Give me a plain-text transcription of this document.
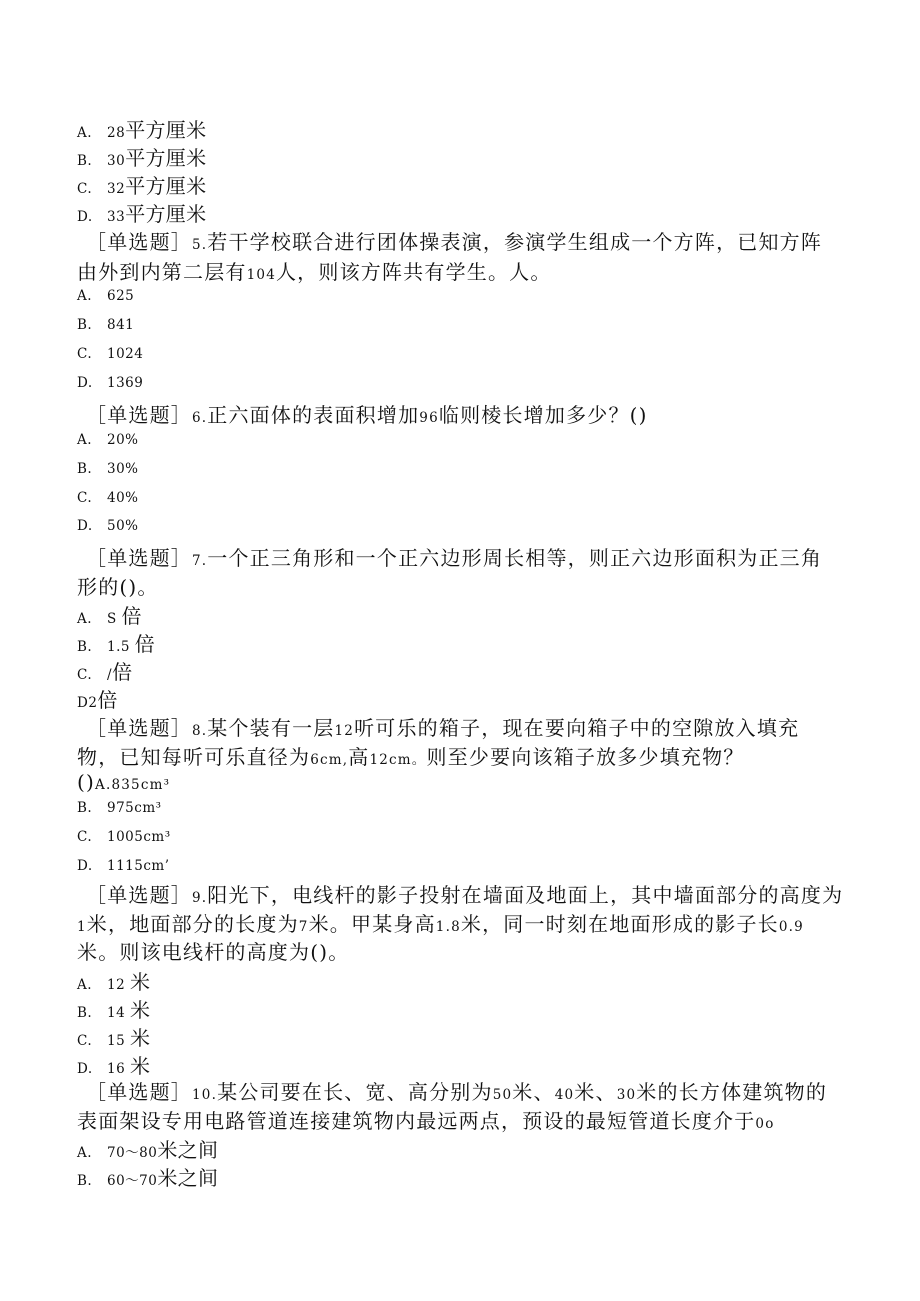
A. 28平方厘米
B. 30平方厘米
C. 32平方厘米
D. 33平方厘米
［单选题］5.若干学校联合进行团体操表演，参演学生组成一个方阵，已知方阵
由外到内第二层有104人，则该方阵共有学生。人。
A. 625
B. 841
C. 1024
D. 1369
［单选题］6.正六面体的表面积增加96临则棱长增加多少？()
A. 20%
B. 30%
C. 40%
D. 50%
［单选题］7.一个正三角形和一个正六边形周长相等，则正六边形面积为正三角
形的()。
A. S 倍
B. 1.5 倍
C. /倍
D2倍
［单选题］8.某个装有一层12听可乐的箱子，现在要向箱子中的空隙放入填充
物，已知每听可乐直径为6cm,高12cm。则至少要向该箱子放多少填充物？
()A.835cm³
B. 975cm³
C. 1005cm³
D. 1115cm’
［单选题］9.阳光下，电线杆的影子投射在墙面及地面上，其中墙面部分的高度为
1米，地面部分的长度为7米。甲某身高1.8米，同一时刻在地面形成的影子长0.9
米。则该电线杆的高度为()。
A. 12 米
B. 14 米
C. 15 米
D. 16 米
［单选题］10.某公司要在长、宽、高分别为50米、40米、30米的长方体建筑物的
表面架设专用电路管道连接建筑物内最远两点，预设的最短管道长度介于0o
A. 70～80米之间
B. 60～70米之间
